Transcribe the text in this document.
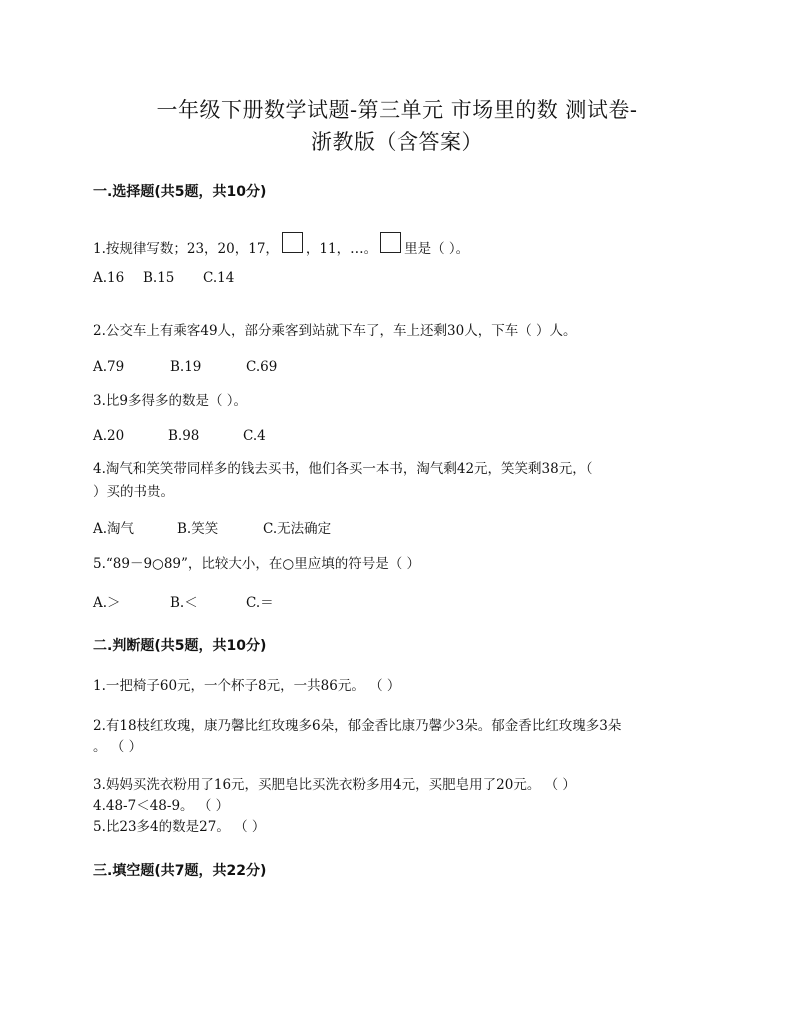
一年级下册数学试题-第三单元 市场里的数 测试卷-
浙教版（含答案）
一.选择题(共5题，共10分)
1.按规律写数；23，20，17， ，11，…。 里是（ ）。
A.16 B.15 C.14
2.公交车上有乘客49人，部分乘客到站就下车了，车上还剩30人，下车（ ）人。
A.79	B.19	C.69
3.比9多得多的数是（ ）。
A.20	B.98	C.4
4.淘气和笑笑带同样多的钱去买书，他们各买一本书，淘气剩42元，笑笑剩38元，（
）买的书贵。
A.淘气	B.笑笑	C.无法确定
5.“89－9○89”，比较大小，在○里应填的符号是（ ）
A.＞	B.＜	C.＝
二.判断题(共5题，共10分)
1.一把椅子60元，一个杯子8元，一共86元。 （ ）
2.有18枝红玫瑰，康乃馨比红玫瑰多6朵，郁金香比康乃馨少3朵。郁金香比红玫瑰多3朵
。 （ ）
3.妈妈买洗衣粉用了16元，买肥皂比买洗衣粉多用4元，买肥皂用了20元。 （ ）
4.48-7＜48-9。 （ ）
5.比23多4的数是27。 （ ）
三.填空题(共7题，共22分)
